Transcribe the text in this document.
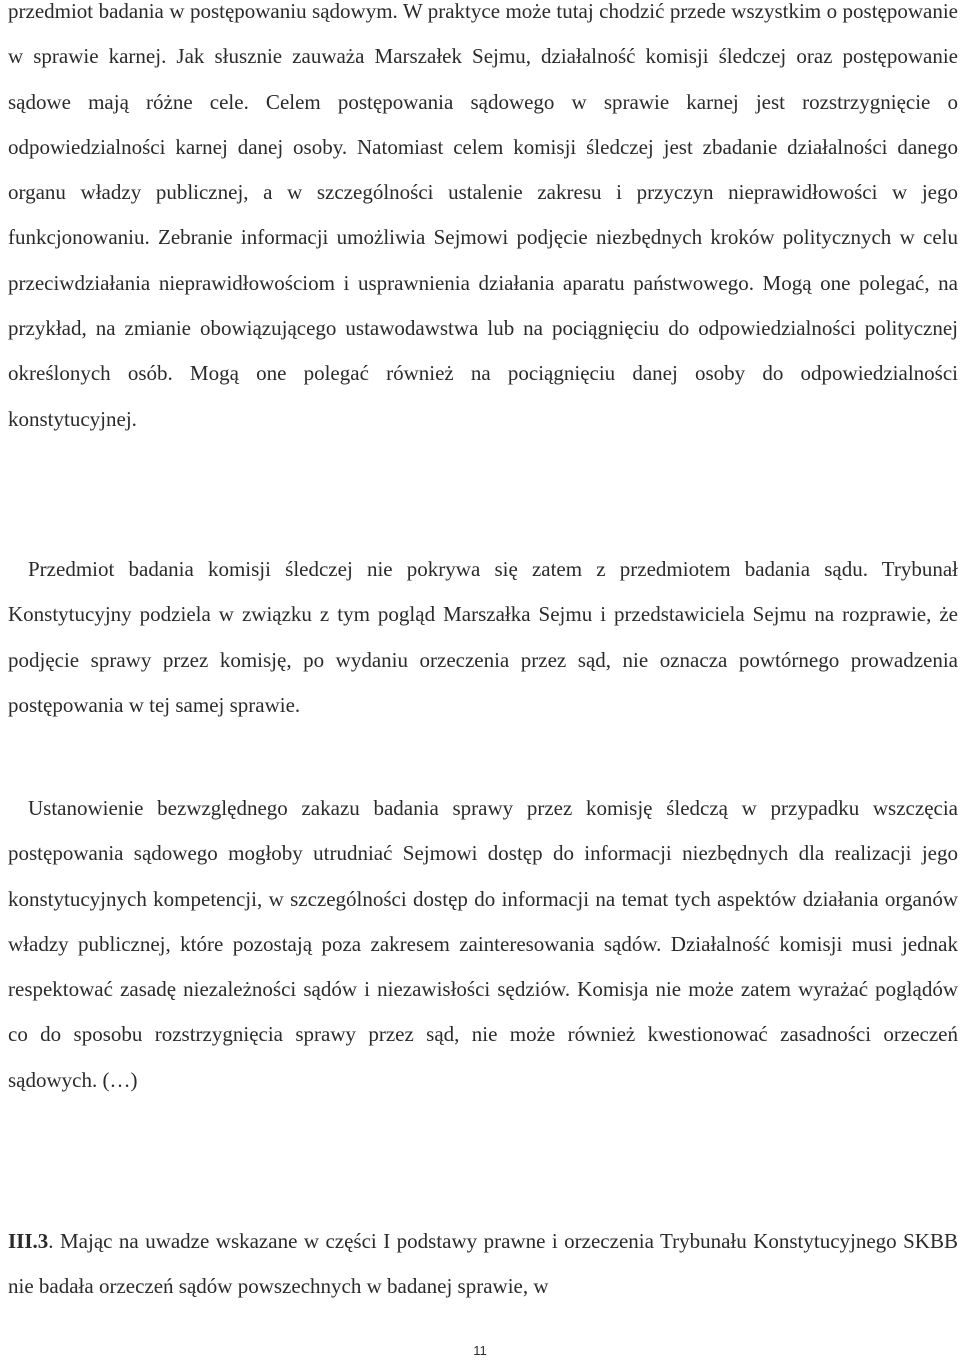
przedmiot badania w postępowaniu sądowym. W praktyce może tutaj chodzić przede wszystkim o postępowanie w sprawie karnej. Jak słusznie zauważa Marszałek Sejmu, działalność komisji śledczej oraz postępowanie sądowe mają różne cele. Celem postępowania sądowego w sprawie karnej jest rozstrzygnięcie o odpowiedzialności karnej danej osoby. Natomiast celem komisji śledczej jest zbadanie działalności danego organu władzy publicznej, a w szczególności ustalenie zakresu i przyczyn nieprawidłowości w jego funkcjonowaniu. Zebranie informacji umożliwia Sejmowi podjęcie niezbędnych kroków politycznych w celu przeciwdziałania nieprawidłowościom i usprawnienia działania aparatu państwowego. Mogą one polegać, na przykład, na zmianie obowiązującego ustawodawstwa lub na pociągnięciu do odpowiedzialności politycznej określonych osób. Mogą one polegać również na pociągnięciu danej osoby do odpowiedzialności konstytucyjnej.

Przedmiot badania komisji śledczej nie pokrywa się zatem z przedmiotem badania sądu. Trybunał Konstytucyjny podziela w związku z tym pogląd Marszałka Sejmu i przedstawiciela Sejmu na rozprawie, że podjęcie sprawy przez komisję, po wydaniu orzeczenia przez sąd, nie oznacza powtórnego prowadzenia postępowania w tej samej sprawie.

Ustanowienie bezwzględnego zakazu badania sprawy przez komisję śledczą w przypadku wszczęcia postępowania sądowego mogłoby utrudniać Sejmowi dostęp do informacji niezbędnych dla realizacji jego konstytucyjnych kompetencji, w szczególności dostęp do informacji na temat tych aspektów działania organów władzy publicznej, które pozostają poza zakresem zainteresowania sądów. Działalność komisji musi jednak respektować zasadę niezależności sądów i niezawisłości sędziów. Komisja nie może zatem wyrażać poglądów co do sposobu rozstrzygnięcia sprawy przez sąd, nie może również kwestionować zasadności orzeczeń sądowych. (…)

III.3. Mając na uwadze wskazane w części I podstawy prawne i orzeczenia Trybunału Konstytucyjnego SKBB nie badała orzeczeń sądów powszechnych w badanej sprawie, w

11
